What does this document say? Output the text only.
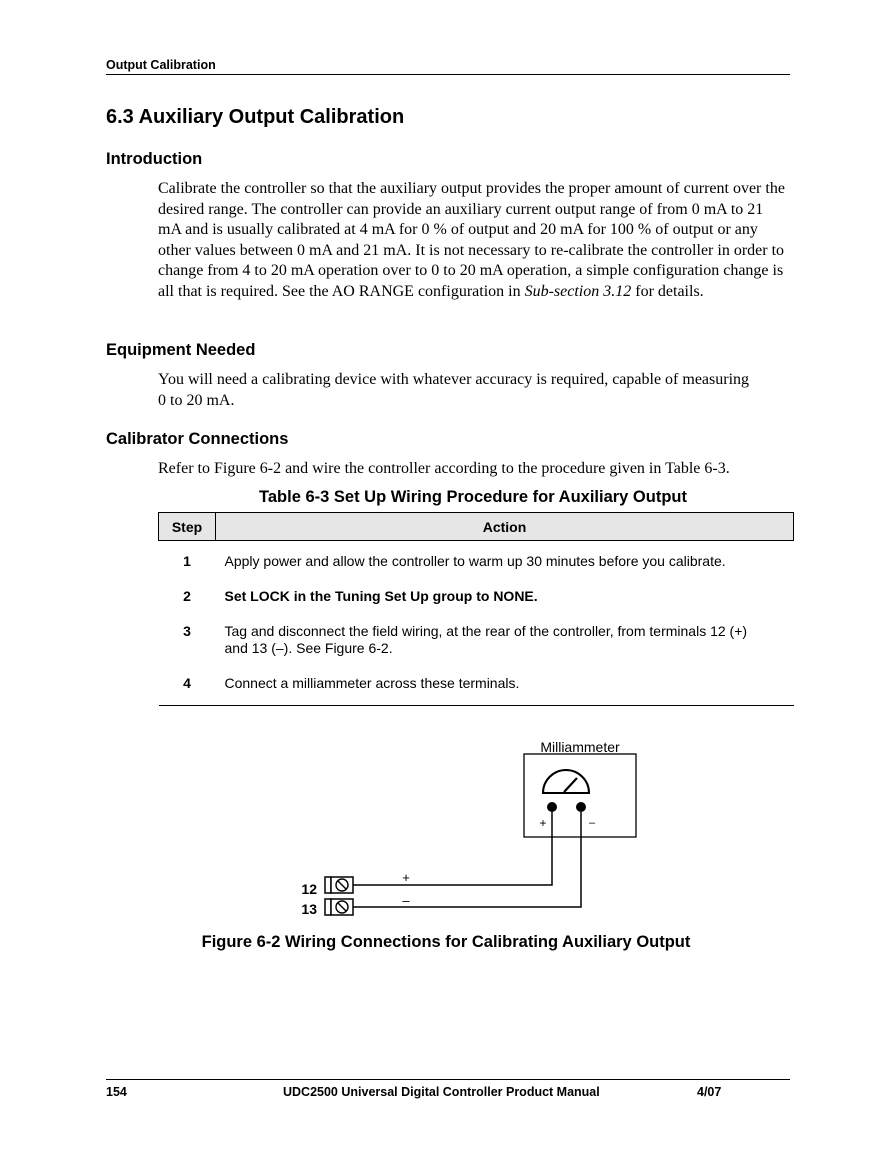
Output Calibration
6.3 Auxiliary Output Calibration
Introduction
Calibrate the controller so that the auxiliary output provides the proper amount of current over the desired range. The controller can provide an auxiliary current output range of from 0 mA to 21 mA and is usually calibrated at 4 mA for 0 % of output and 20 mA for 100 % of output or any other values between 0 mA and 21 mA. It is not necessary to re-calibrate the controller in order to change from 4 to 20 mA operation over to 0 to 20 mA operation, a simple configuration change is all that is required. See the AO RANGE configuration in Sub-section 3.12 for details.
Equipment Needed
You will need a calibrating device with whatever accuracy is required, capable of measuring 0 to 20 mA.
Calibrator Connections
Refer to Figure 6-2 and wire the controller according to the procedure given in Table 6-3.
Table 6-3 Set Up Wiring Procedure for Auxiliary Output
Step	Action
1	Apply power and allow the controller to warm up 30 minutes before you calibrate.
2	Set LOCK in the Tuning Set Up group to NONE.
3	Tag and disconnect the field wiring, at the rear of the controller, from terminals 12 (+) and 13 (–). See Figure 6-2.
4	Connect a milliammeter across these terminals.
Milliammeter
+	–
+
–
12
13
Figure 6-2 Wiring Connections for Calibrating Auxiliary Output
154	UDC2500 Universal Digital Controller Product Manual	4/07
